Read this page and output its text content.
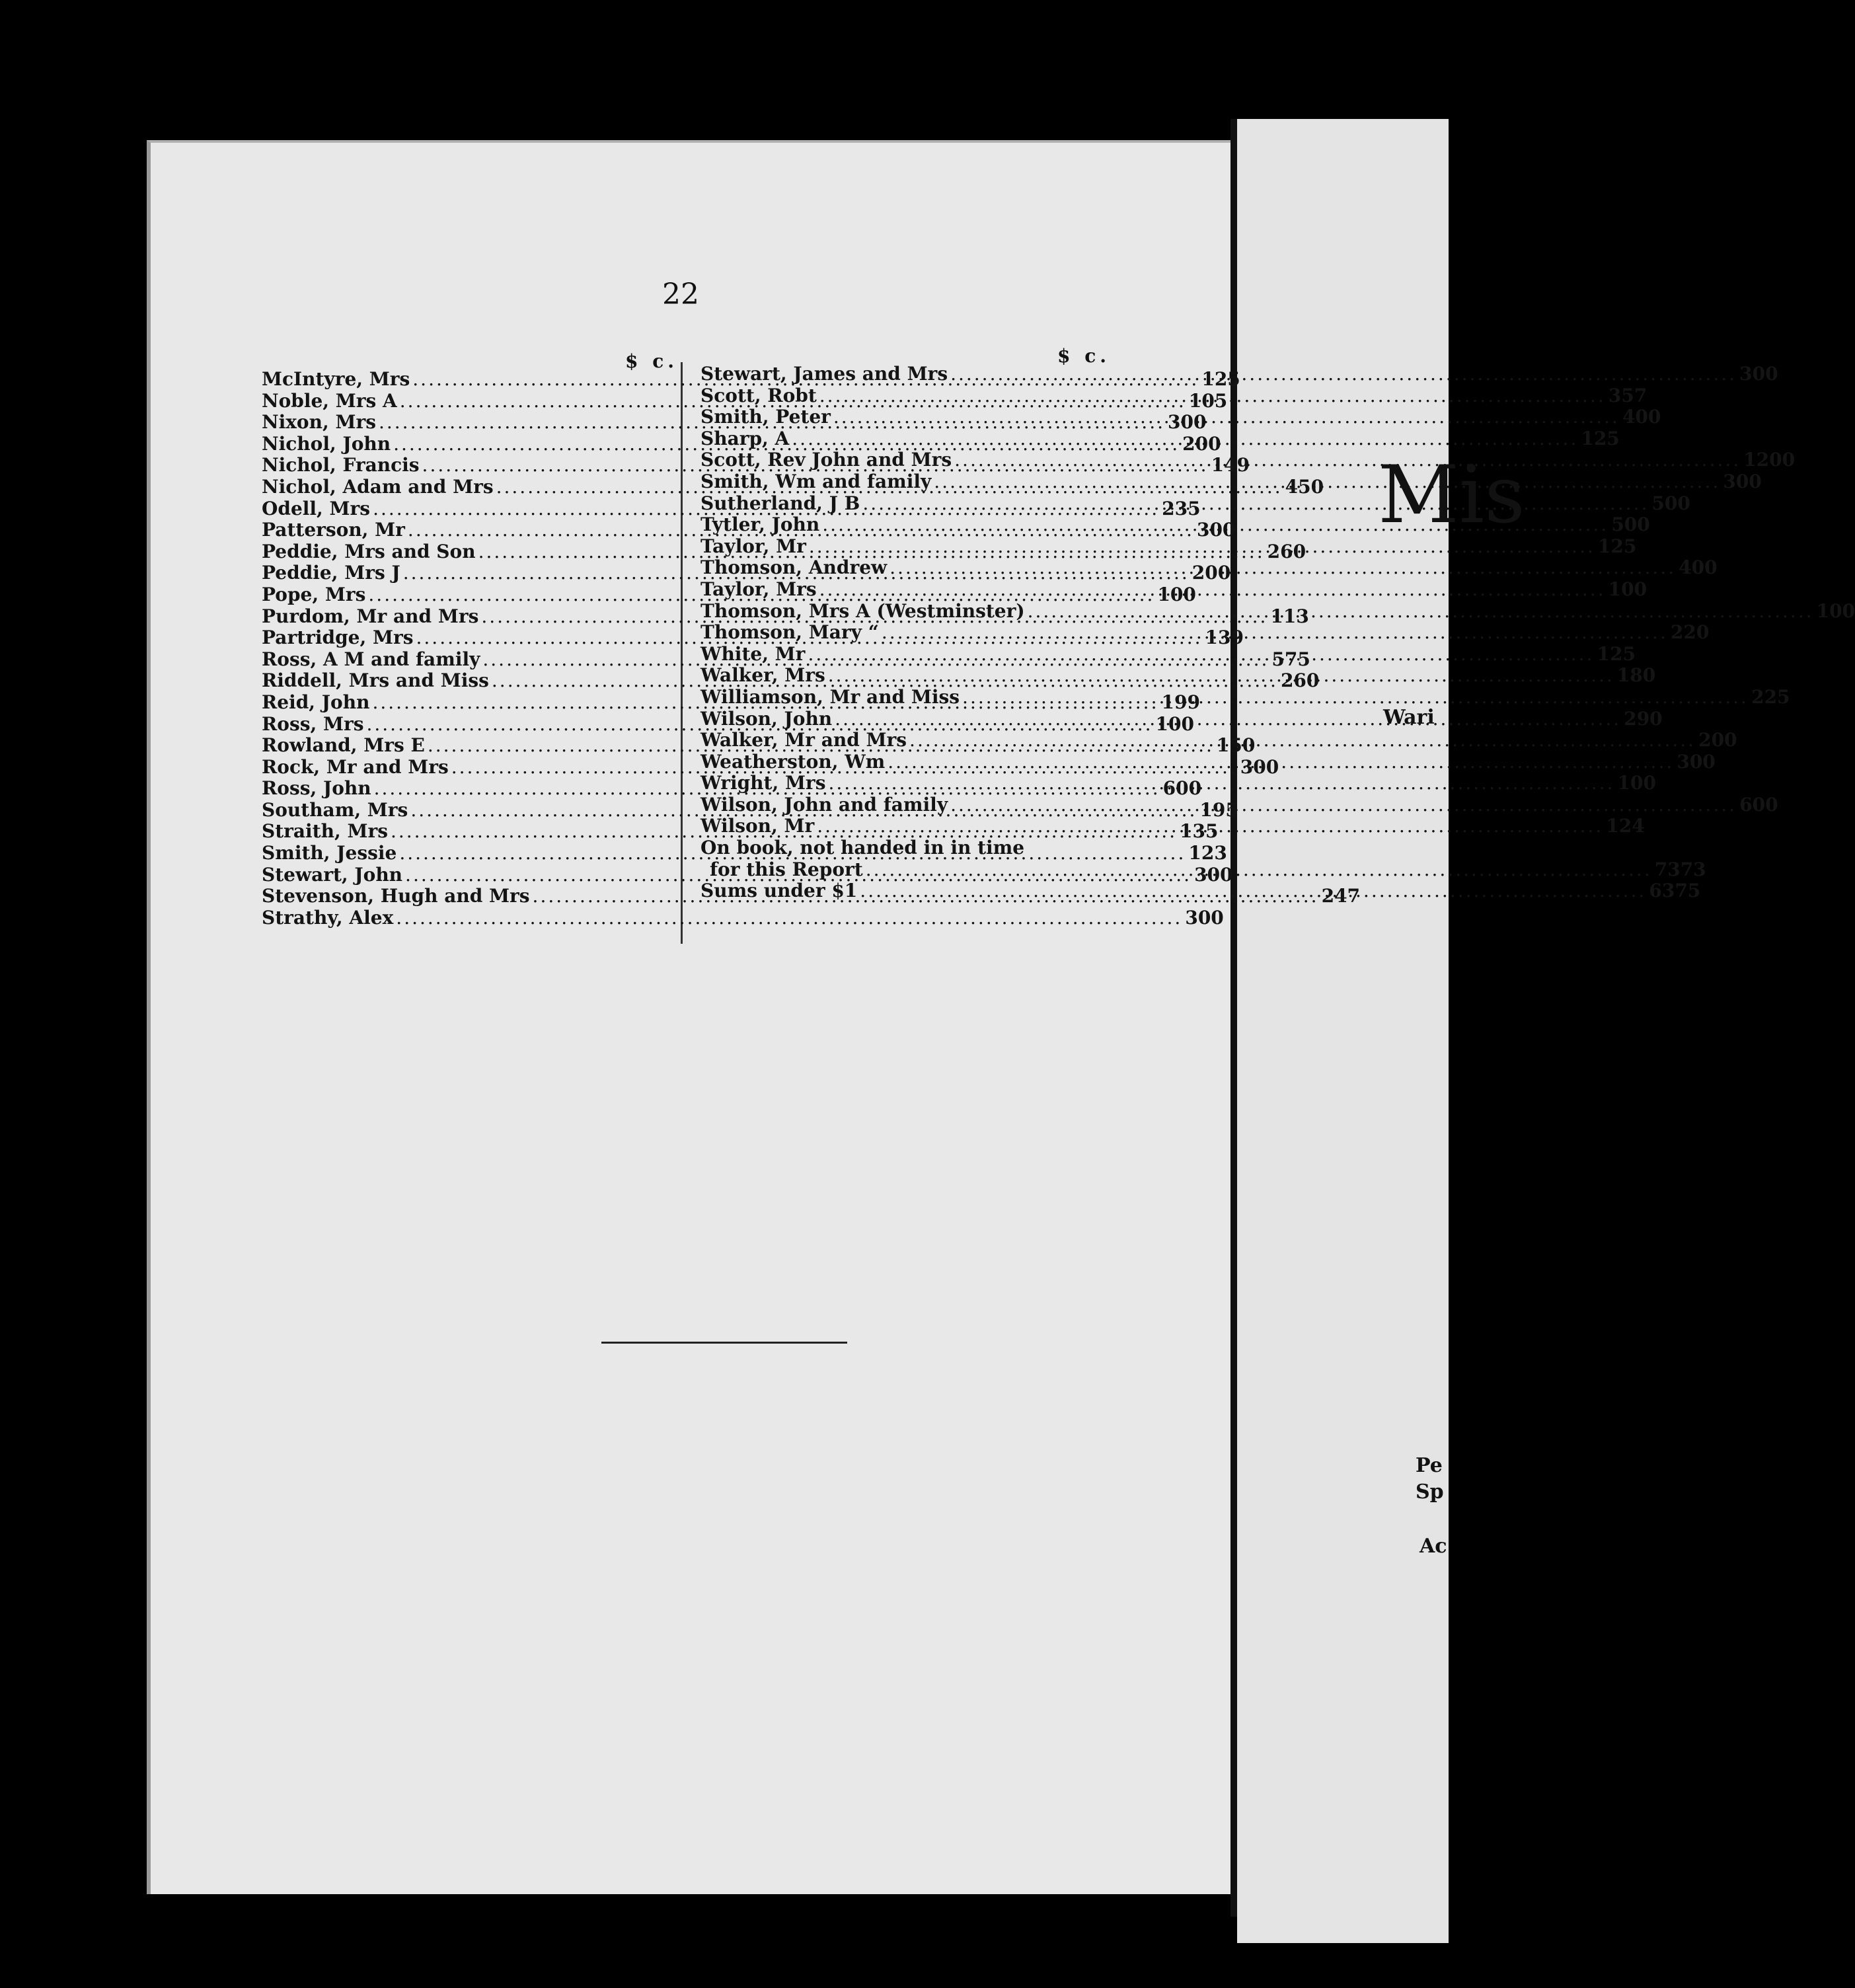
22
$ c.	$ c.
McIntyre, Mrs .....	1 25
Noble, Mrs A .....	1 05
Nixon, Mrs .....	3 00
Nichol, John .....	2 00
Nichol, Francis .....	1 49
Nichol, Adam and Mrs .....	4 50
Odell, Mrs .....	2 35
Patterson, Mr .....	3 00
Peddie, Mrs and Son .....	2 60
Peddie, Mrs J .....	2 00
Pope, Mrs .....	1 00
Purdom, Mr and Mrs .....	1 13
Partridge, Mrs .....	1 39
Ross, A M and family .....	5 75
Riddell, Mrs and Miss .....	2 60
Reid, John .....	1 99
Ross, Mrs .....	1 00
Rowland, Mrs E .....	1 50
Rock, Mr and Mrs .....	3 00
Ross, John .....	6 00
Southam, Mrs .....	1 95
Straith, Mrs .....	1 35
Smith, Jessie .....	1 23
Stewart, John .....	3 00
Stevenson, Hugh and Mrs .....	2 47
Strathy, Alex .....	3 00
Stewart, James and Mrs .....	3 00
Scott, Robt .....	3 57
Smith, Peter .....	4 00
Sharp, A .....	1 25
Scott, Rev John and Mrs .....	12 00
Smith, Wm and family .....	3 00
Sutherland, J B .....	5 00
Tytler, John .....	5 00
Taylor, Mr .....	1 25
Thomson, Andrew .....	4 00
Taylor, Mrs .....	1 00
Thomson, Mrs A (Westminster) .....	1 00
Thomson, Mary “ .....	2 20
White, Mr .....	1 25
Walker, Mrs .....	1 80
Williamson, Mr and Miss .....	2 25
Wilson, John .....	2 90
Walker, Mr and Mrs .....	2 00
Weatherston, Wm .....	3 00
Wright, Mrs .....	1 00
Wilson, John and family .....	6 00
Wilson, Mr .....	1 24
On book, not handed in in time
for this Report .....	73 73
Sums under $1 .....	63 75
Mis
Wari
Pe
Sp
Ac
